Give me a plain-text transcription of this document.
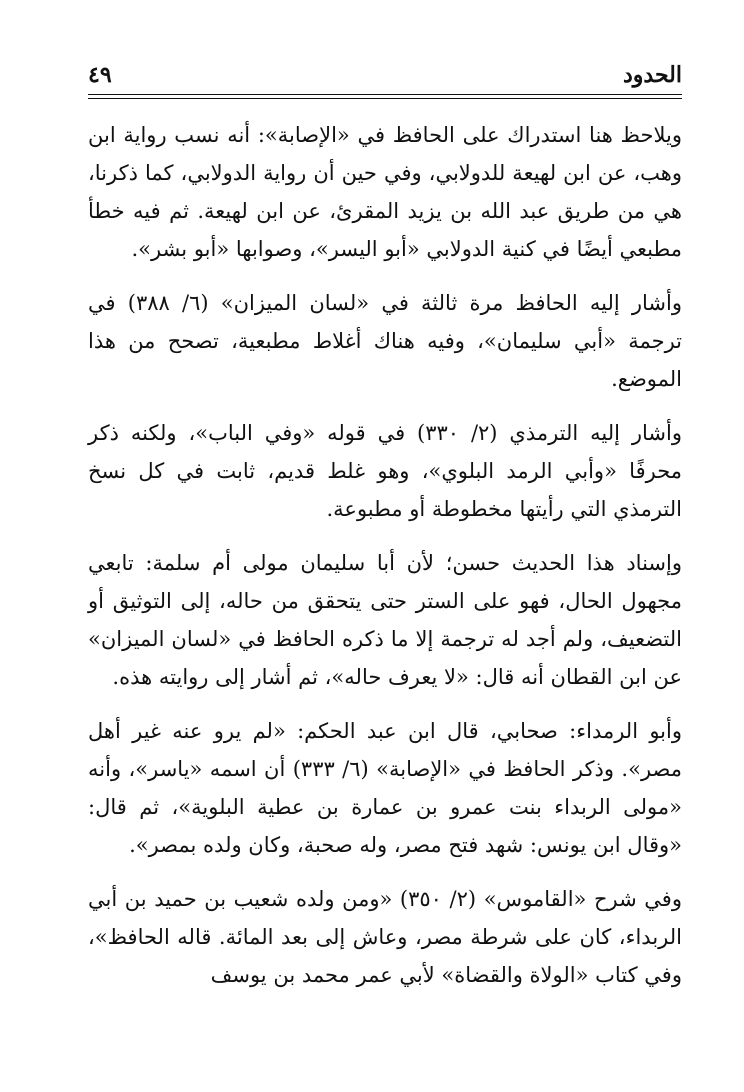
الحدود
٤٩

ويلاحظ هنا استدراك على الحافظ في «الإصابة»: أنه نسب رواية ابن وهب، عن ابن لهيعة للدولابي، وفي حين أن رواية الدولابي، كما ذكرنا، هي من طريق عبد الله بن يزيد المقرئ، عن ابن لهيعة. ثم فيه خطأ مطبعي أيضًا في كنية الدولابي «أبو اليسر»، وصوابها «أبو بشر».

وأشار إليه الحافظ مرة ثالثة في «لسان الميزان» (٦/ ٣٨٨) في ترجمة «أبي سليمان»، وفيه هناك أغلاط مطبعية، تصحح من هذا الموضع.

وأشار إليه الترمذي (٢/ ٣٣٠) في قوله «وفي الباب»، ولكنه ذكر محرفًا «وأبي الرمد البلوي»، وهو غلط قديم، ثابت في كل نسخ الترمذي التي رأيتها مخطوطة أو مطبوعة.

وإسناد هذا الحديث حسن؛ لأن أبا سليمان مولى أم سلمة: تابعي مجهول الحال، فهو على الستر حتى يتحقق من حاله، إلى التوثيق أو التضعيف، ولم أجد له ترجمة إلا ما ذكره الحافظ في «لسان الميزان» عن ابن القطان أنه قال: «لا يعرف حاله»، ثم أشار إلى روايته هذه.

وأبو الرمداء: صحابي، قال ابن عبد الحكم: «لم يرو عنه غير أهل مصر». وذكر الحافظ في «الإصابة» (٦/ ٣٣٣) أن اسمه «ياسر»، وأنه «مولى الربداء بنت عمرو بن عمارة بن عطية البلوية»، ثم قال: «وقال ابن يونس: شهد فتح مصر، وله صحبة، وكان ولده بمصر».

وفي شرح «القاموس» (٢/ ٣٥٠) «ومن ولده شعيب بن حميد بن أبي الربداء، كان على شرطة مصر، وعاش إلى بعد المائة. قاله الحافظ»، وفي كتاب «الولاة والقضاة» لأبي عمر محمد بن يوسف
